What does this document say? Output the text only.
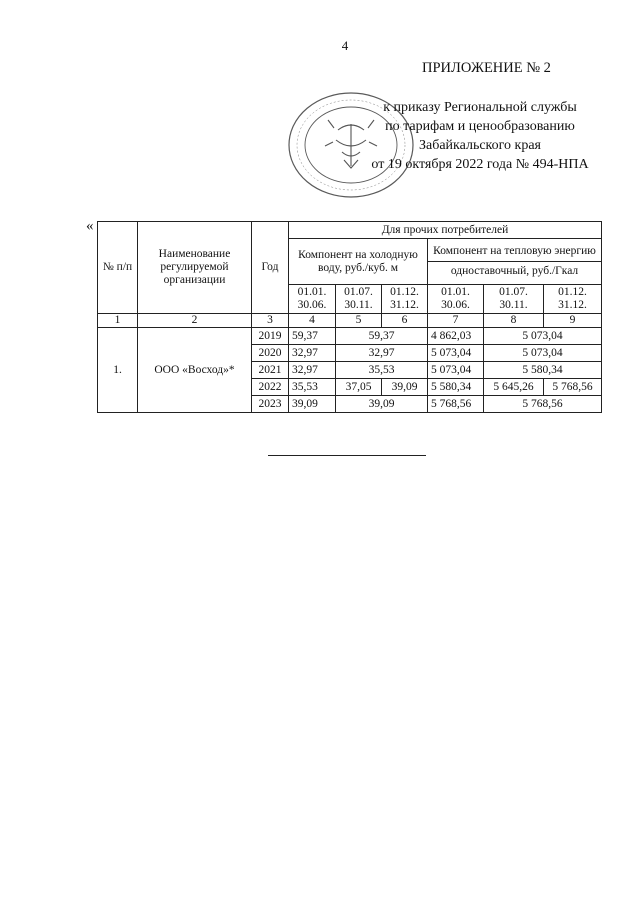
4
ПРИЛОЖЕНИЕ № 2
к приказу Региональной службы
по тарифам и ценообразованию
Забайкальского края
от 19 октября 2022 года № 494-НПА
«
№ п/п	Наименование регулируемой организации	Год	Для прочих потребителей					
			Компонент на холодную воду, руб./куб. м			Компонент на тепловую энергию
одноставочный, руб./Гкал		

			01.01. 30.06.	01.07. 30.11.	01.12. 31.12.	01.01. 30.06.	01.07. 30.11.	01.12. 31.12.
1	2	3	4	5	6	7	8	9
1.	ООО «Восход»*	2019	59,37	59,37		4 862,03	5 073,04	
		2020	32,97	32,97		5 073,04	5 073,04	
		2021	32,97	35,53		5 073,04	5 580,34	
		2022	35,53	37,05	39,09	5 580,34	5 645,26	5 768,56
		2023	39,09	39,09		5 768,56	5 768,56	
